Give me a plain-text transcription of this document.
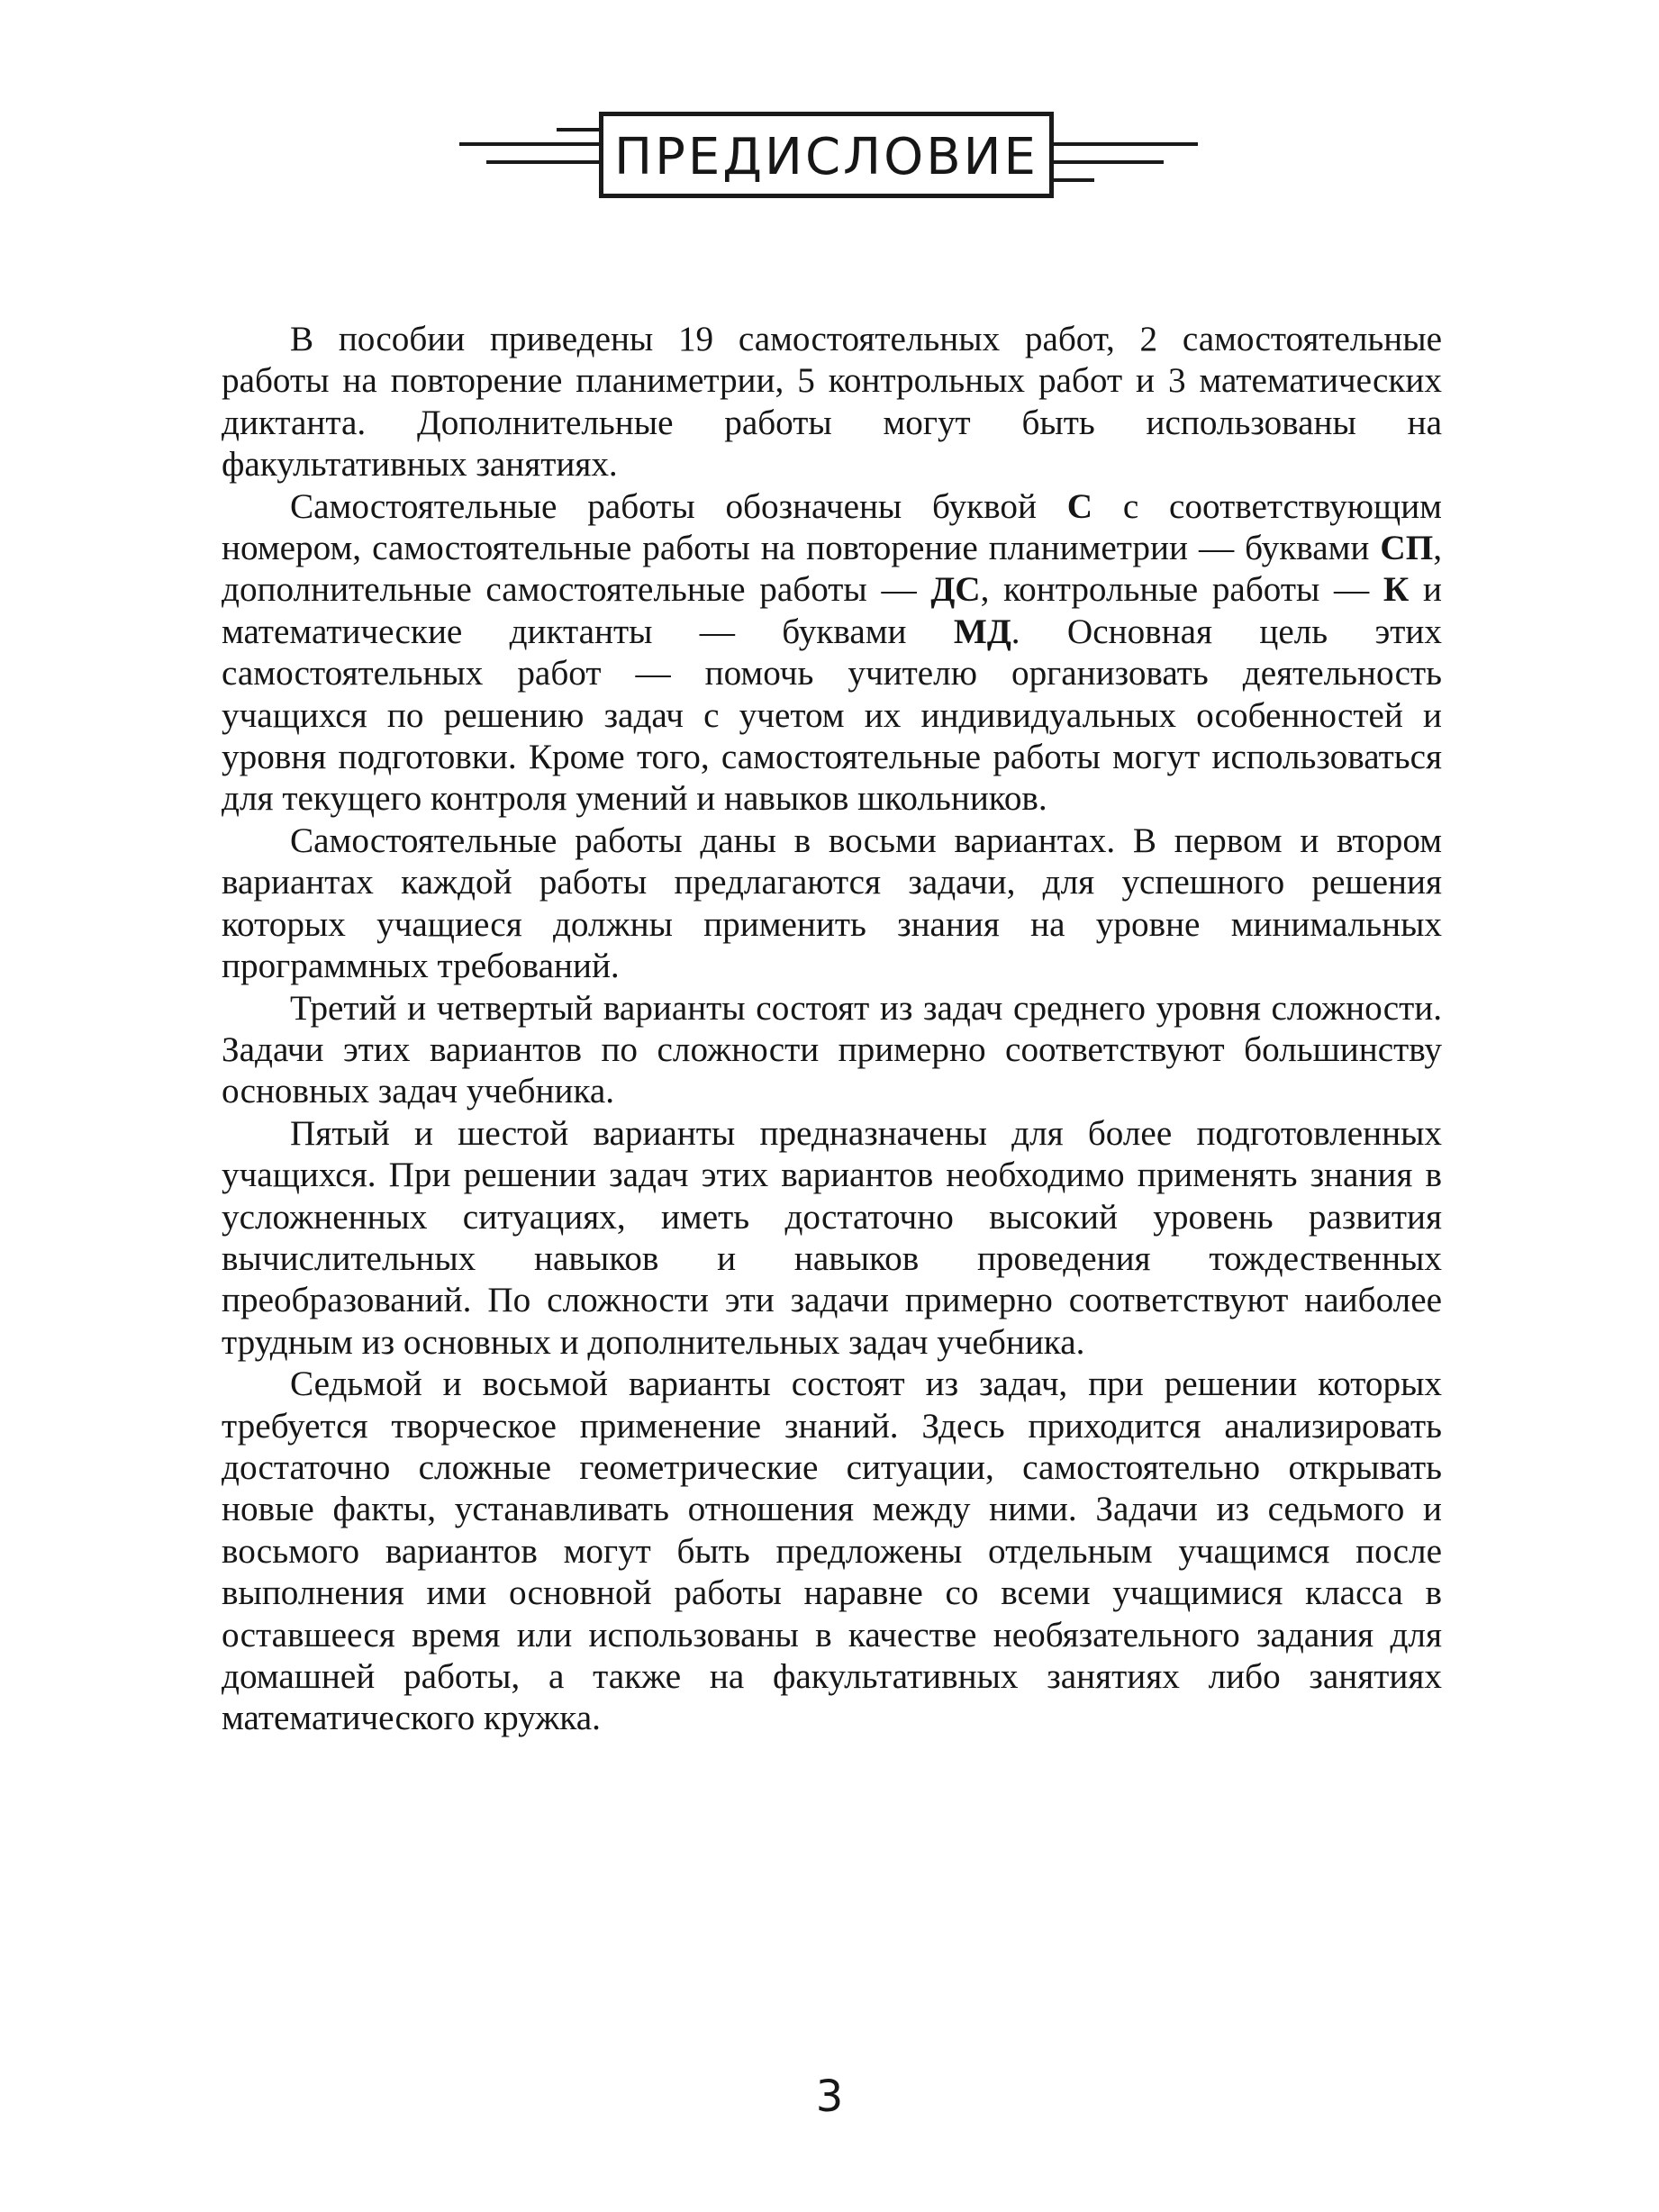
ПРЕДИСЛОВИЕ

В пособии приведены 19 самостоятельных работ, 2 самостоятельные работы на повторение планиметрии, 5 контрольных работ и 3 математических диктанта. Дополнительные работы могут быть использованы на факультативных занятиях.

Самостоятельные работы обозначены буквой С с соответствующим номером, самостоятельные работы на повторение планиметрии — буквами СП, дополнительные самостоятельные работы — ДС, контрольные работы — К и математические диктанты — буквами МД. Основная цель этих самостоятельных работ — помочь учителю организовать деятельность учащихся по решению задач с учетом их индивидуальных особенностей и уровня подготовки. Кроме того, самостоятельные работы могут использоваться для текущего контроля умений и навыков школьников.

Самостоятельные работы даны в восьми вариантах. В первом и втором вариантах каждой работы предлагаются задачи, для успешного решения которых учащиеся должны применить знания на уровне минимальных программных требований.

Третий и четвертый варианты состоят из задач среднего уровня сложности. Задачи этих вариантов по сложности примерно соответствуют большинству основных задач учебника.

Пятый и шестой варианты предназначены для более подготовленных учащихся. При решении задач этих вариантов необходимо применять знания в усложненных ситуациях, иметь достаточно высокий уровень развития вычислительных навыков и навыков проведения тождественных преобразований. По сложности эти задачи примерно соответствуют наиболее трудным из основных и дополнительных задач учебника.

Седьмой и восьмой варианты состоят из задач, при решении которых требуется творческое применение знаний. Здесь приходится анализировать достаточно сложные геометрические ситуации, самостоятельно открывать новые факты, устанавливать отношения между ними. Задачи из седьмого и восьмого вариантов могут быть предложены отдельным учащимся после выполнения ими основной работы наравне со всеми учащимися класса в оставшееся время или использованы в качестве необязательного задания для домашней работы, а также на факультативных занятиях либо занятиях математического кружка.

3
